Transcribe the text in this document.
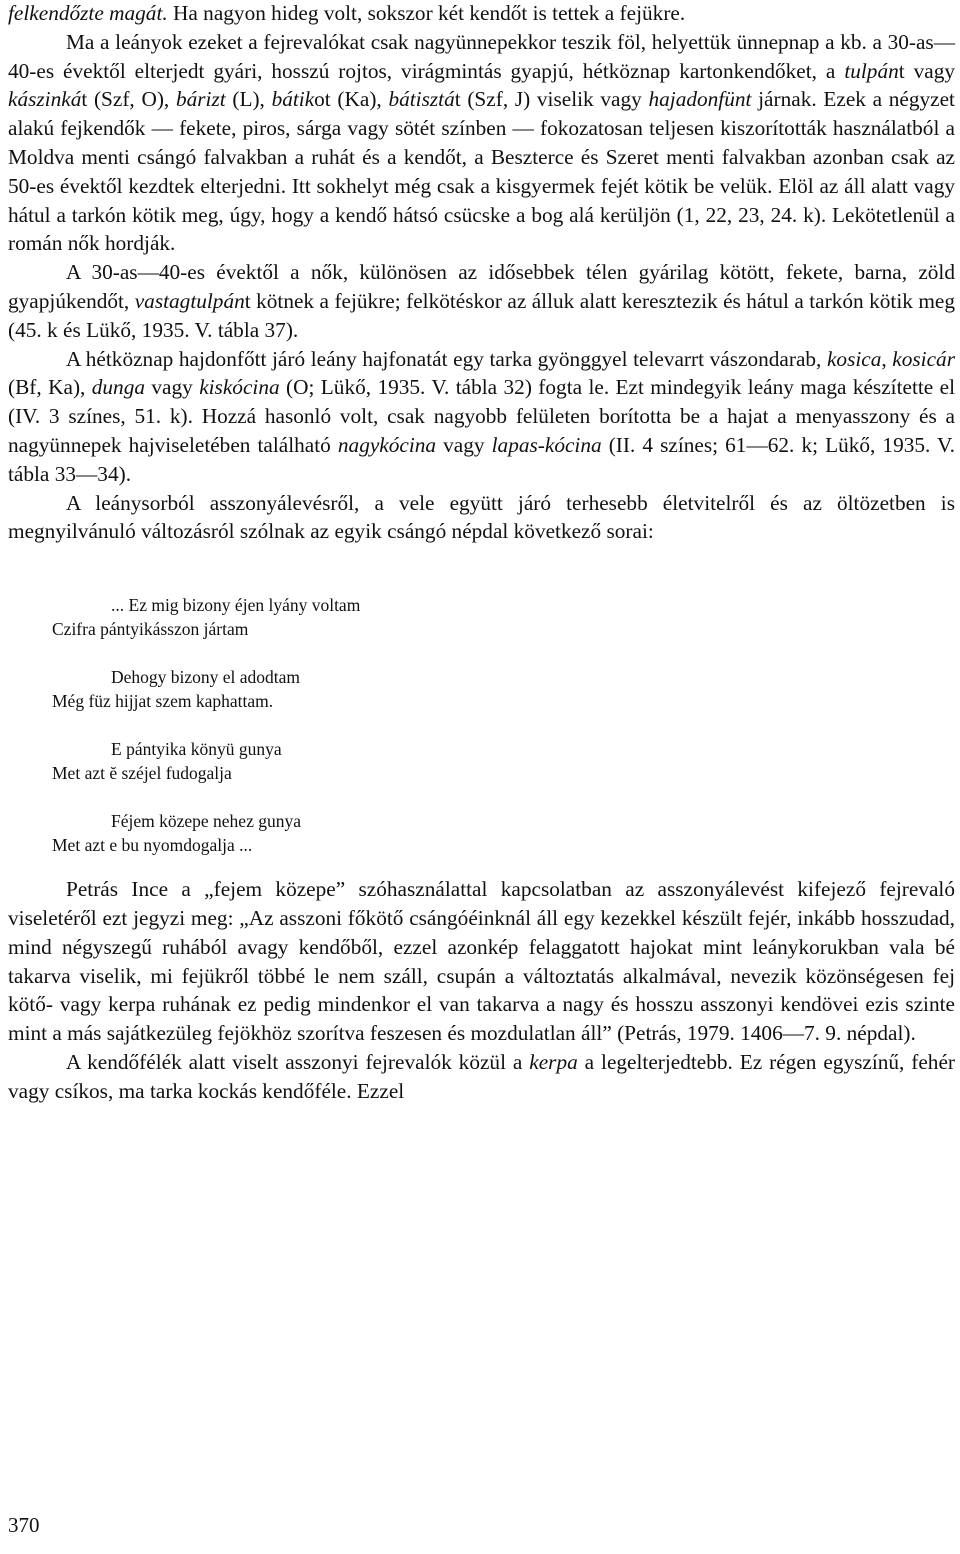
felkendőzte magát. Ha nagyon hideg volt, sokszor két kendőt is tettek a fejükre.

Ma a leányok ezeket a fejrevalókat csak nagyünnepekkor teszik föl, helyettük ünnepnap a kb. a 30-as—40-es évektől elterjedt gyári, hosszú rojtos, virágmintás gyapjú, hétköznap kartonkendőket, a tulpánt vagy kászinkát (Szf, O), bárizt (L), bátikot (Ka), bátisztát (Szf, J) viselik vagy hajadonfünt járnak. Ezek a négyzet alakú fejkendők — fekete, piros, sárga vagy sötét színben — fokozatosan teljesen kiszorították használatból a Moldva menti csángó falvakban a ruhát és a kendőt, a Beszterce és Szeret menti falvakban azonban csak az 50-es évektől kezdtek elterjedni. Itt sokhelyt még csak a kisgyermek fejét kötik be velük. Elöl az áll alatt vagy hátul a tarkón kötik meg, úgy, hogy a kendő hátsó csücske a bog alá kerüljön (1, 22, 23, 24. k). Lekötetlenül a román nők hordják.

A 30-as—40-es évektől a nők, különösen az idősebbek télen gyárilag kötött, fekete, barna, zöld gyapjúkendőt, vastagtulpánt kötnek a fejükre; felkötéskor az álluk alatt keresztezik és hátul a tarkón kötik meg (45. k és Lükő, 1935. V. tábla 37).

A hétköznap hajdonfőtt járó leány hajfonatát egy tarka gyönggyel televarrt vászondarab, kosica, kosicár (Bf, Ka), dunga vagy kiskócina (O; Lükő, 1935. V. tábla 32) fogta le. Ezt mindegyik leány maga készítette el (IV. 3 színes, 51. k). Hozzá hasonló volt, csak nagyobb felületen borította be a hajat a menyasszony és a nagyünnepek hajviseletében található nagykócina vagy lapas-kócina (II. 4 színes; 61—62. k; Lükő, 1935. V. tábla 33—34).

A leánysorból asszonyálevésről, a vele együtt járó terhesebb életvitelről és az öltözetben is megnyilvánuló változásról szólnak az egyik csángó népdal következő sorai:

... Ez mig bizony éjen lyány voltam
Czifra pántyikásszon jártam
Dehogy bizony el adodtam
Még füz hijjat szem kaphattam.
E pántyika könyü gunya
Met azt ĕ széjel fudogalja
Féjem közepe nehez gunya
Met azt e bu nyomdogalja ...

Petrás Ince a „fejem közepe” szóhasználattal kapcsolatban az asszonyálevést kifejező fejrevaló viseletéről ezt jegyzi meg: „Az asszoni főkötő csángóéinknál áll egy kezekkel készült fejér, inkább hosszudad, mind négyszegű ruhából avagy kendőből, ezzel azonkép felaggatott hajokat mint leánykorukban vala bé takarva viselik, mi fejükről többé le nem száll, csupán a változtatás alkalmával, nevezik közönségesen fej kötő- vagy kerpa ruhának ez pedig mindenkor el van takarva a nagy és hosszu asszonyi kendövei ezis szinte mint a más sajátkezüleg fejökhöz szorítva feszesen és mozdulatlan áll” (Petrás, 1979. 1406—7. 9. népdal).

A kendőfélék alatt viselt asszonyi fejrevalók közül a kerpa a legelterjedtebb. Ez régen egyszínű, fehér vagy csíkos, ma tarka kockás kendőféle. Ezzel

370
